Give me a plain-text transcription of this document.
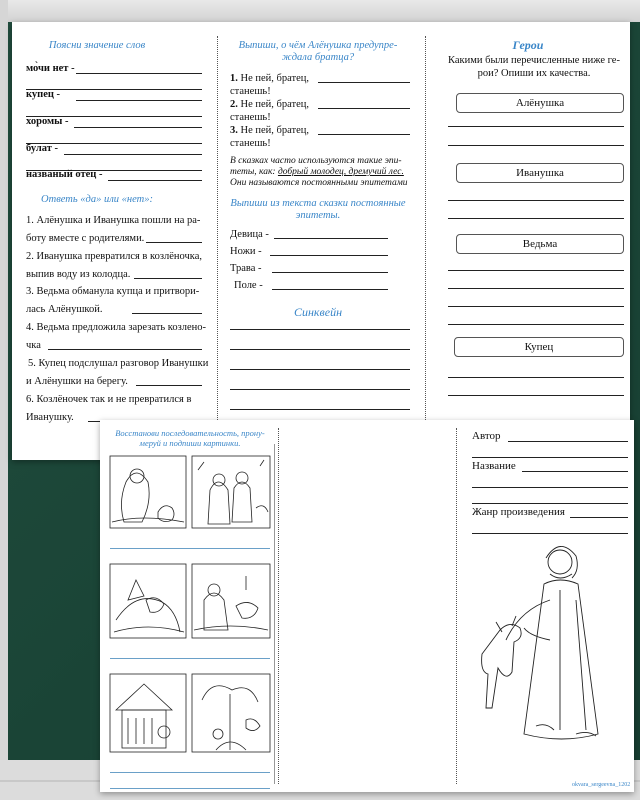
Поясни значение слов
мо̀чи нет -
купец -
хоромы -
булат -
названый отец -
Ответь «да» или «нет»:
1. Алёнушка и Иванушка пошли на ра-
боту вместе с родителями.
2. Иванушка превратился в козлёночка,
выпив воду из колодца.
3. Ведьма обманула купца и притвори-
лась Алёнушкой.
4. Ведьма предложила зарезать козлено-
чка
5. Купец подслушал разговор Иванушки
и Алёнушки на берегу.
6. Козлёночек так и не превратился в
Иванушку.
Выпиши, о чём Алёнушка предупре-
ждала братца?
1. Не пей, братец,
станешь!
2. Не пей, братец,
станешь!
3. Не пей, братец,
станешь!
В сказках часто используются такие эпи-
теты, как: добрый молодец, дремучий лес.
Они называются постоянными эпитетами
Выпиши из текста сказки постоянные
эпитеты.
Девица -
Ножи -
Трава -
Поле -
Синквейн
Герои
Какими были перечисленные ниже ге-
рои? Опиши их качества.
Алёнушка
Иванушка
Ведьма
Купец
Восстанови последовательность, прону-
меруй и подпиши картинки.
Автор
Название
Жанр произведения
okvara_sergeevna_1202
